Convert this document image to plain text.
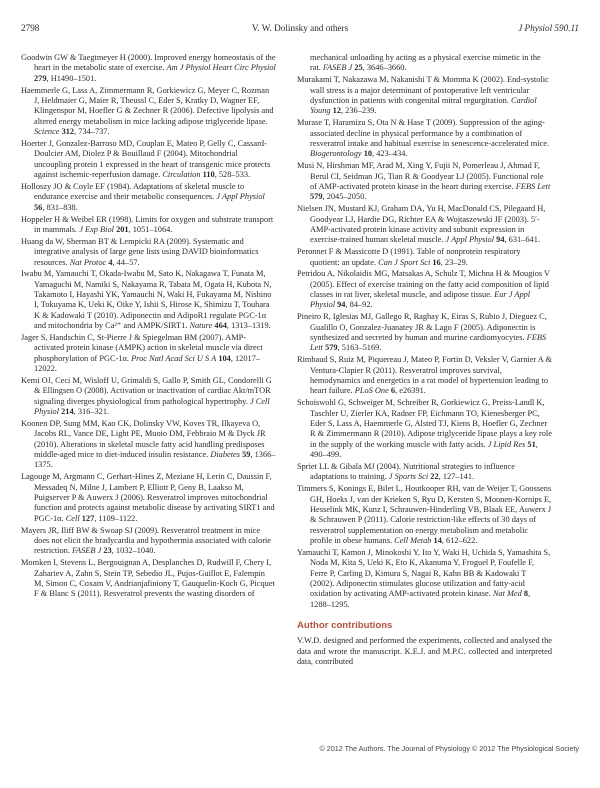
2798	V. W. Dolinsky and others	J Physiol 590.11
Goodwin GW & Taegtmeyer H (2000). Improved energy homeostasis of the heart in the metabolic state of exercise. Am J Physiol Heart Circ Physiol 279, H1490–1501.
Haemmerle G, Lass A, Zimmermann R, Gorkiewicz G, Meyer C, Rozman J, Heldmaier G, Maier R, Theussl C, Eder S, Kratky D, Wagner EF, Klingenspor M, Hoefler G & Zechner R (2006). Defective lipolysis and altered energy metabolism in mice lacking adipose triglyceride lipase. Science 312, 734–737.
Hoerter J, Gonzalez-Barroso MD, Couplan E, Mateo P, Gelly C, Cassard-Doulcier AM, Diolez P & Bouillaud F (2004). Mitochondrial uncoupling protein 1 expressed in the heart of transgenic mice protects against ischemic-reperfusion damage. Circulation 110, 528–533.
Holloszy JO & Coyle EF (1984). Adaptations of skeletal muscle to endurance exercise and their metabolic consequences. J Appl Physiol 56, 831–838.
Hoppeler H & Weibel ER (1998). Limits for oxygen and substrate transport in mammals. J Exp Biol 201, 1051–1064.
Huang da W, Sherman BT & Lempicki RA (2009). Systematic and integrative analysis of large gene lists using DAVID bioinformatics resources. Nat Protoc 4, 44–57.
Iwabu M, Yamauchi T, Okada-Iwabu M, Sato K, Nakagawa T, Funata M, Yamaguchi M, Namiki S, Nakayama R, Tabata M, Ogata H, Kubota N, Takamoto I, Hayashi YK, Yamauchi N, Waki H, Fukayama M, Nishino I, Tokuyama K, Ueki K, Oike Y, Ishii S, Hirose K, Shimizu T, Touhara K & Kadowaki T (2010). Adiponectin and AdipoR1 regulate PGC-1α and mitochondria by Ca²⁺ and AMPK/SIRT1. Nature 464, 1313–1319.
Jager S, Handschin C, St-Pierre J & Spiegelman BM (2007). AMP-activated protein kinase (AMPK) action in skeletal muscle via direct phosphorylation of PGC-1α. Proc Natl Acad Sci U S A 104, 12017–12022.
Kemi OJ, Ceci M, Wisloff U, Grimaldi S, Gallo P, Smith GL, Condorelli G & Ellingsen O (2008). Activation or inactivation of cardiac Akt/mTOR signaling diverges physiological from pathological hypertrophy. J Cell Physiol 214, 316–321.
Koonen DP, Sung MM, Kao CK, Dolinsky VW, Koves TR, Ilkayeva O, Jacobs RL, Vance DE, Light PE, Muoio DM, Febbraio M & Dyck JR (2010). Alterations in skeletal muscle fatty acid handling predisposes middle-aged mice to diet-induced insulin resistance. Diabetes 59, 1366–1375.
Lagouge M, Argmann C, Gerhart-Hines Z, Meziane H, Lerin C, Daussin F, Messadeq N, Milne J, Lambert P, Elliott P, Geny B, Laakso M, Puigserver P & Auwerx J (2006). Resveratrol improves mitochondrial function and protects against metabolic disease by activating SIRT1 and PGC-1α. Cell 127, 1109–1122.
Mayers JR, Iliff BW & Swoap SJ (2009). Resveratrol treatment in mice does not elicit the bradycardia and hypothermia associated with calorie restriction. FASEB J 23, 1032–1040.
Momken I, Stevens L, Bergouignan A, Desplanches D, Rudwill F, Chery I, Zahariev A, Zahn S, Stein TP, Sebedio JL, Pujos-Guillot E, Falempin M, Simon C, Coxam V, Andrianjafiniony T, Gauquelin-Koch G, Picquet F & Blanc S (2011). Resveratrol prevents the wasting disorders of
mechanical unloading by acting as a physical exercise mimetic in the rat. FASEB J 25, 3646–3660.
Murakami T, Nakazawa M, Nakanishi T & Momma K (2002). End-systolic wall stress is a major determinant of postoperative left ventricular dysfunction in patients with congenital mitral regurgitation. Cardiol Young 12, 236–239.
Murase T, Haramizu S, Ota N & Hase T (2009). Suppression of the aging-associated decline in physical performance by a combination of resveratrol intake and habitual exercise in senescence-accelerated mice. Biogerontology 10, 423–434.
Musi N, Hirshman MF, Arad M, Xing Y, Fujii N, Pomerleau J, Ahmad F, Berul CI, Seidman JG, Tian R & Goodyear LJ (2005). Functional role of AMP-activated protein kinase in the heart during exercise. FEBS Lett 579, 2045–2050.
Nielsen JN, Mustard KJ, Graham DA, Yu H, MacDonald CS, Pilegaard H, Goodyear LJ, Hardie DG, Richter EA & Wojtaszewski JF (2003). 5′-AMP-activated protein kinase activity and subunit expression in exercise-trained human skeletal muscle. J Appl Physiol 94, 631–641.
Peronnet F & Massicotte D (1991). Table of nonprotein respiratory quotient: an update. Can J Sport Sci 16, 23–29.
Petridou A, Nikolaidis MG, Matsakas A, Schulz T, Michna H & Mougios V (2005). Effect of exercise training on the fatty acid composition of lipid classes in rat liver, skeletal muscle, and adipose tissue. Eur J Appl Physiol 94, 84–92.
Pineiro R, Iglesias MJ, Gallego R, Raghay K, Eiras S, Rubio J, Dieguez C, Gualillo O, Gonzalez-Juanatey JR & Lago F (2005). Adiponectin is synthesized and secreted by human and murine cardiomyocytes. FEBS Lett 579, 5163–5169.
Rimbaud S, Ruiz M, Piquereau J, Mateo P, Fortin D, Veksler V, Garnier A & Ventura-Clapier R (2011). Resveratrol improves survival, hemodynamics and energetics in a rat model of hypertension leading to heart failure. PLoS One 6, e26391.
Schoiswohl G, Schweiger M, Schreiber R, Gorkiewicz G, Preiss-Landl K, Taschler U, Zierler KA, Radner FP, Eichmann TO, Kienesberger PC, Eder S, Lass A, Haemmerle G, Alsted TJ, Kiens B, Hoefler G, Zechner R & Zimmermann R (2010). Adipose triglyceride lipase plays a key role in the supply of the working muscle with fatty acids. J Lipid Res 51, 490–499.
Spriet LL & Gibala MJ (2004). Nutritional strategies to influence adaptations to training. J Sports Sci 22, 127–141.
Timmers S, Konings E, Bilet L, Houtkooper RH, van de Weijer T, Goossens GH, Hoeks J, van der Krieken S, Ryu D, Kersten S, Moonen-Kornips E, Hesselink MK, Kunz I, Schrauwen-Hinderling VB, Blaak EE, Auwerx J & Schrauwen P (2011). Calorie restriction-like effects of 30 days of resveratrol supplementation on energy metabolism and metabolic profile in obese humans. Cell Metab 14, 612–622.
Yamauchi T, Kamon J, Minokoshi Y, Ito Y, Waki H, Uchida S, Yamashita S, Noda M, Kita S, Ueki K, Eto K, Akanuma Y, Froguel P, Foufelle F, Ferre P, Carling D, Kimura S, Nagai R, Kahn BB & Kadowaki T (2002). Adiponectin stimulates glucose utilization and fatty-acid oxidation by activating AMP-activated protein kinase. Nat Med 8, 1288–1295.
Author contributions
V.W.D. designed and performed the experiments, collected and analysed the data and wrote the manuscript. K.E.J. and M.P.C. collected and interpreted data, contributed
© 2012 The Authors. The Journal of Physiology © 2012 The Physiological Society
